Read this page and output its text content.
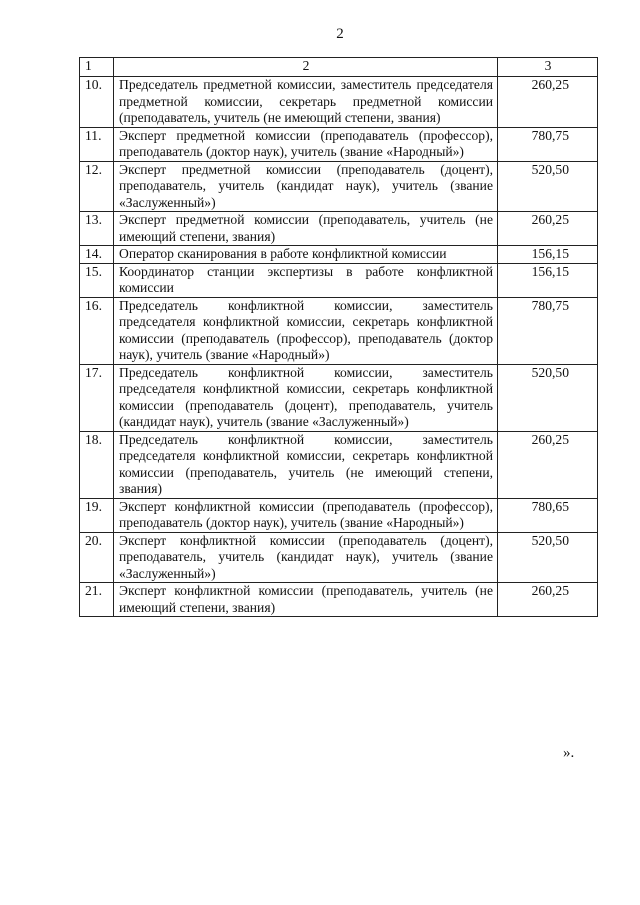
2
1	2	3
10.	Председатель предметной комиссии, заместитель председателя предметной комиссии, секретарь предметной комиссии (преподаватель, учитель (не имеющий степени, звания)	260,25
11.	Эксперт предметной комиссии (преподаватель (профессор), преподаватель (доктор наук), учитель (звание «Народный»)	780,75
12.	Эксперт предметной комиссии (преподаватель (доцент), преподаватель, учитель (кандидат наук), учитель (звание «Заслуженный»)	520,50
13.	Эксперт предметной комиссии (преподаватель, учитель (не имеющий степени, звания)	260,25
14.	Оператор сканирования в работе конфликтной комиссии	156,15
15.	Координатор станции экспертизы в работе конфликтной комиссии	156,15
16.	Председатель конфликтной комиссии, заместитель председателя конфликтной комиссии, секретарь конфликтной комиссии (преподаватель (профессор), преподаватель (доктор наук), учитель (звание «Народный»)	780,75
17.	Председатель конфликтной комиссии, заместитель председателя конфликтной комиссии, секретарь конфликтной комиссии (преподаватель (доцент), преподаватель, учитель (кандидат наук), учитель (звание «Заслуженный»)	520,50
18.	Председатель конфликтной комиссии, заместитель председателя конфликтной комиссии, секретарь конфликтной комиссии (преподаватель, учитель (не имеющий степени, звания)	260,25
19.	Эксперт конфликтной комиссии (преподаватель (профессор), преподаватель (доктор наук), учитель (звание «Народный»)	780,65
20.	Эксперт конфликтной комиссии (преподаватель (доцент), преподаватель, учитель (кандидат наук), учитель (звание «Заслуженный»)	520,50
21.	Эксперт конфликтной комиссии (преподаватель, учитель (не имеющий степени, звания)	260,25
».
